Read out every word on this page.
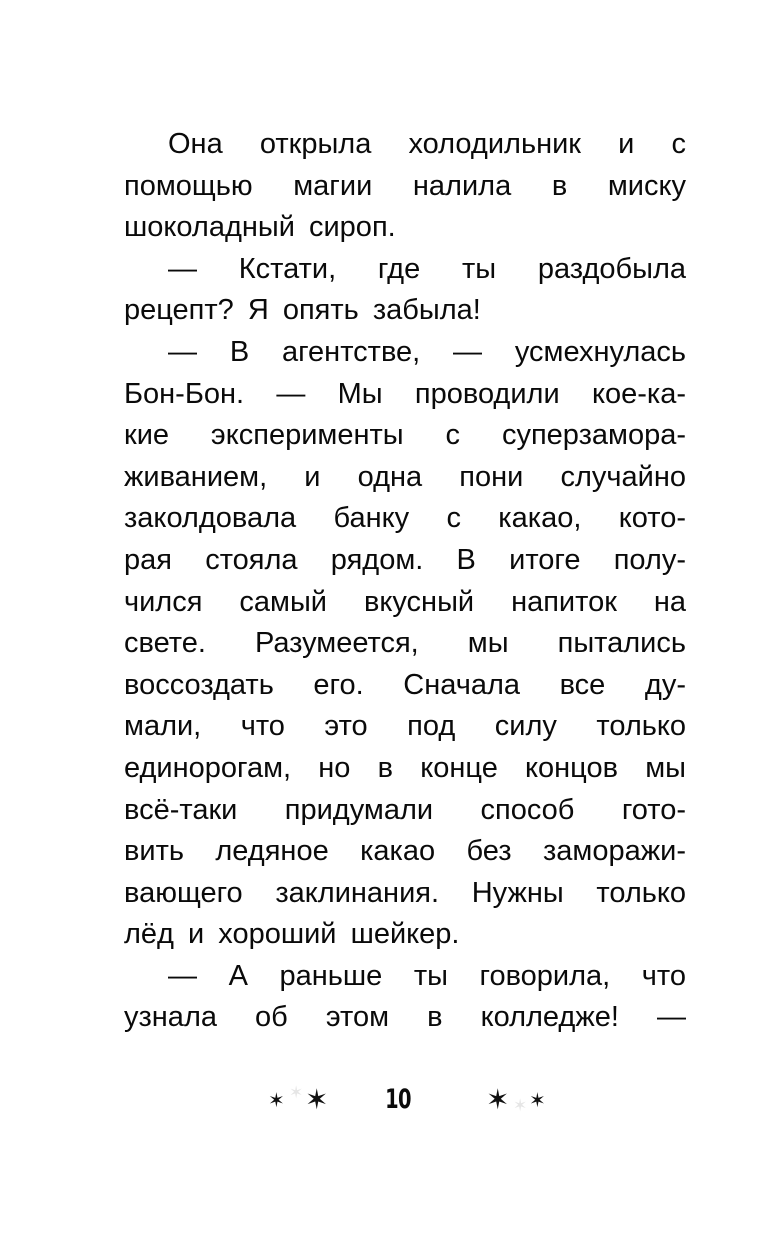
Она открыла холодильник и с
помощью магии налила в миску
шоколадный сироп.
— Кстати, где ты раздобыла
рецепт? Я опять забыла!
— В агентстве, — усмехнулась
Бон-Бон. — Мы проводили кое-ка-
кие эксперименты с суперзамора-
живанием, и одна пони случайно
заколдовала банку с какао, кото-
рая стояла рядом. В итоге полу-
чился самый вкусный напиток на
свете. Разумеется, мы пытались
воссоздать его. Сначала все ду-
мали, что это под силу только
единорогам, но в конце концов мы
всё-таки придумали способ гото-
вить ледяное какао без заморажи-
вающего заклинания. Нужны только
лёд и хороший шейкер.
— А раньше ты говорила, что
узнала об этом в колледже! —
✶ ✶ ✶	10	✶ ✶ ✶
